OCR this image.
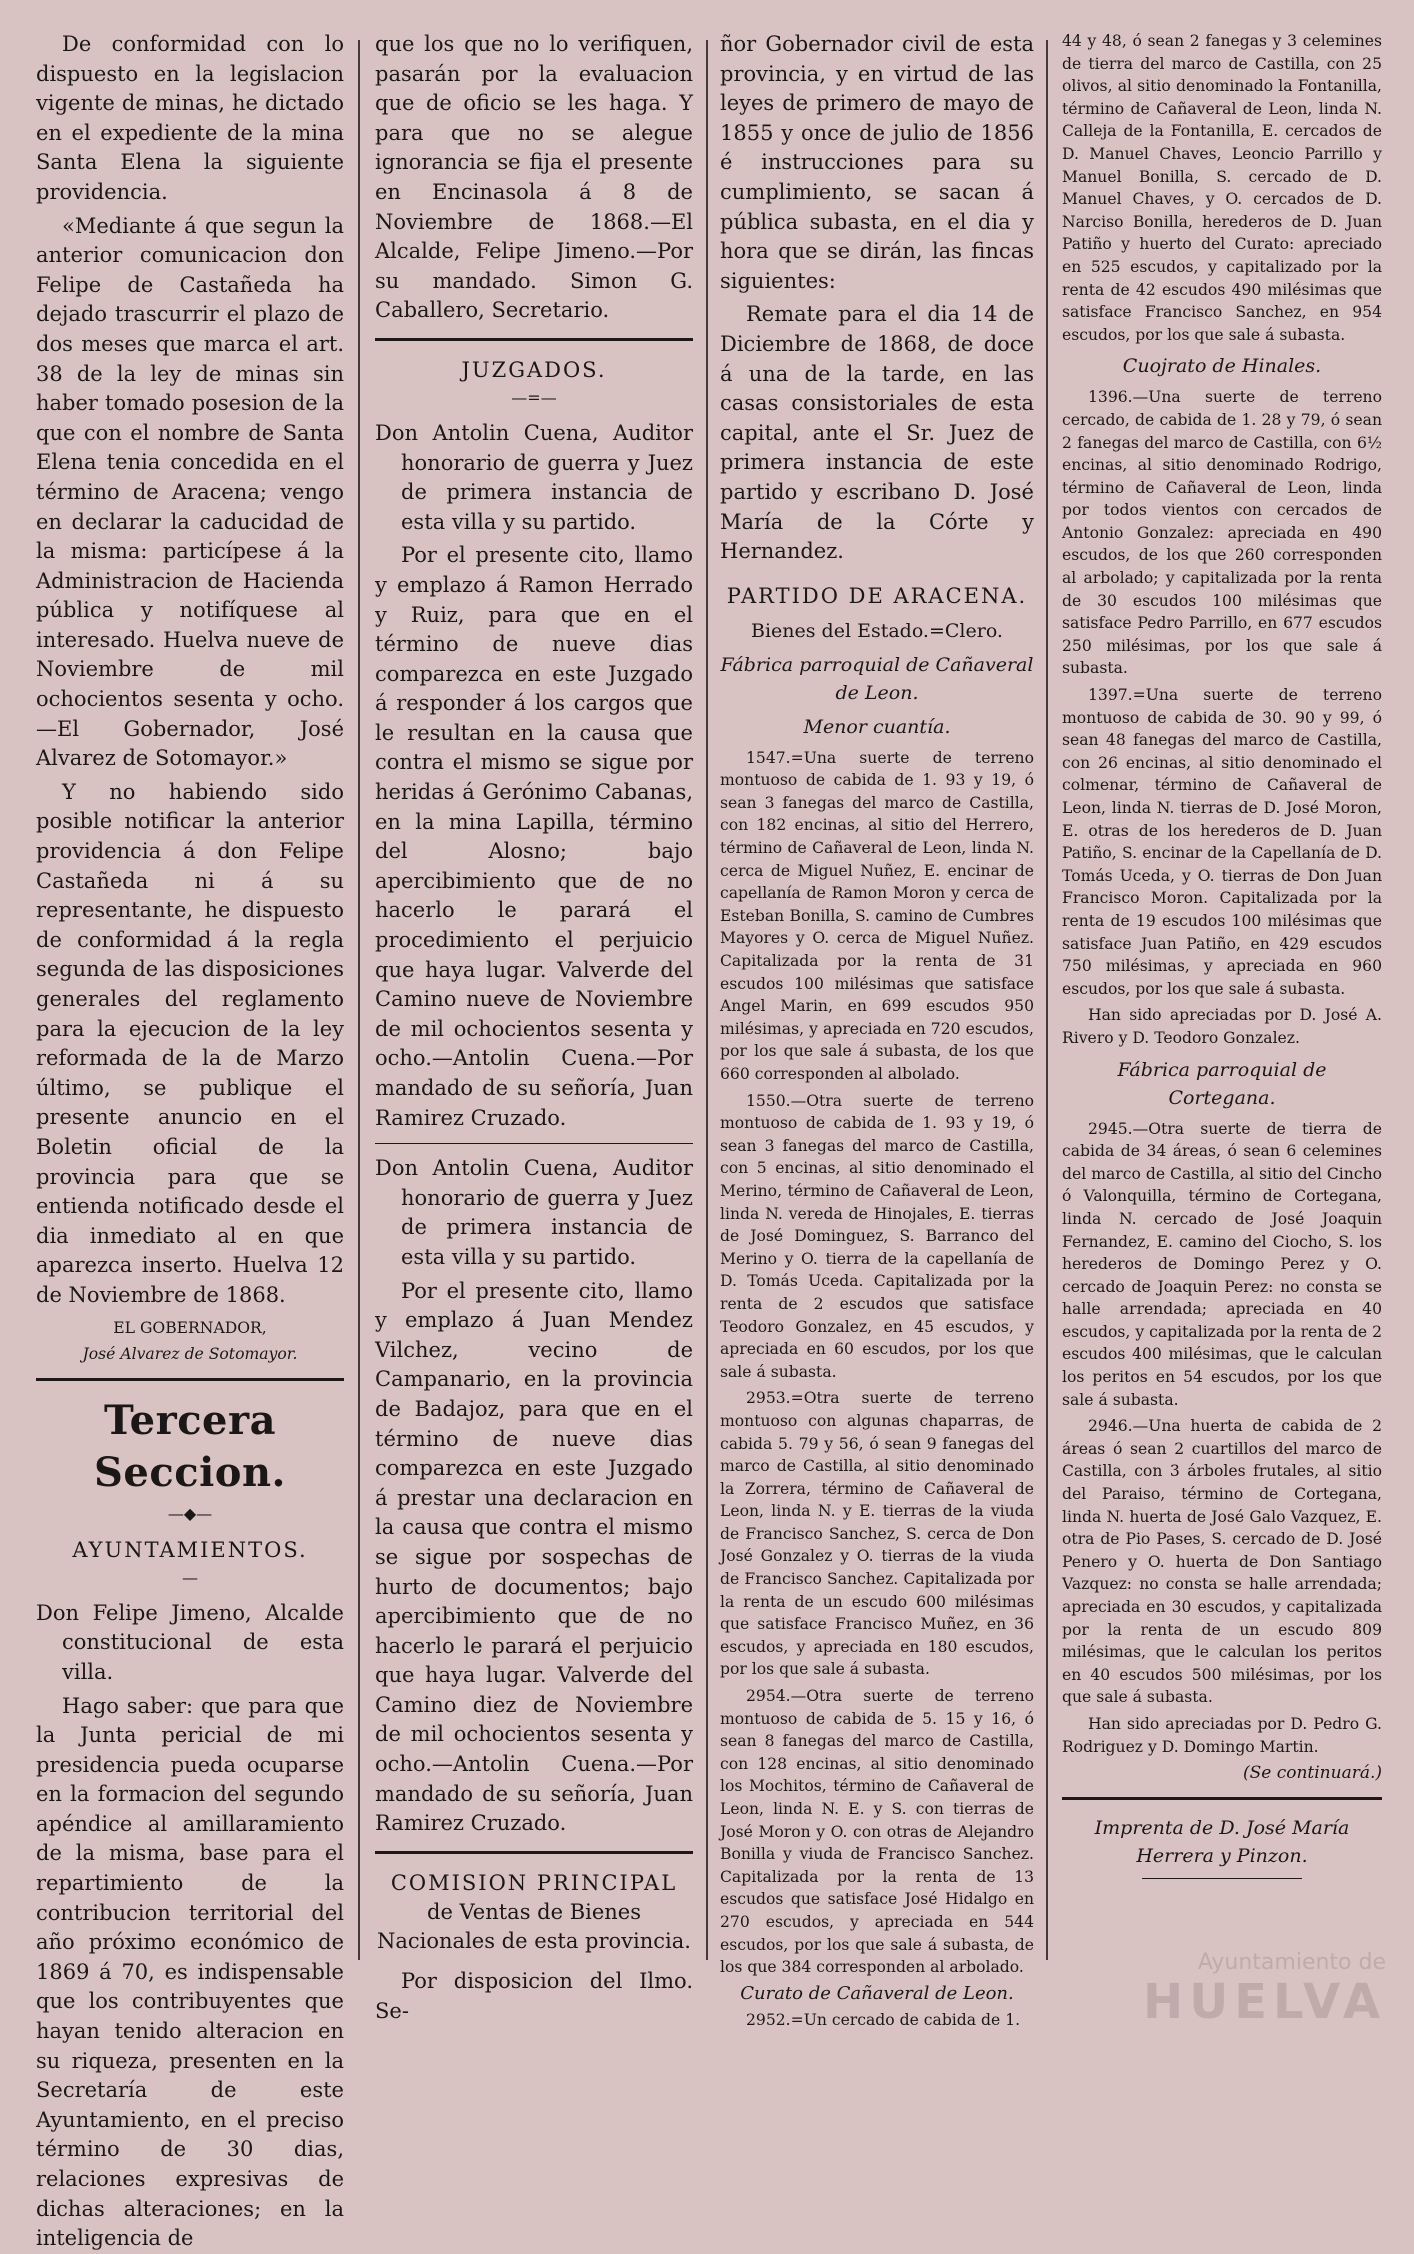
De conformidad con lo dispuesto en la legislacion vigente de minas, he dictado en el expediente de la mina Santa Elena la siguiente providencia.

«Mediante á que segun la anterior comunicacion don Felipe de Castañeda ha dejado trascurrir el plazo de dos meses que marca el art. 38 de la ley de minas sin haber tomado posesion de la que con el nombre de Santa Elena tenia concedida en el término de Aracena; vengo en declarar la caducidad de la misma: particípese á la Administracion de Hacienda pública y notifíquese al interesado. Huelva nueve de Noviembre de mil ochocientos sesenta y ocho.—El Gobernador, José Alvarez de Sotomayor.»

Y no habiendo sido posible notificar la anterior providencia á don Felipe Castañeda ni á su representante, he dispuesto de conformidad á la regla segunda de las disposiciones generales del reglamento para la ejecucion de la ley reformada de la de Marzo último, se publique el presente anuncio en el Boletin oficial de la provincia para que se entienda notificado desde el dia inmediato al en que aparezca inserto. Huelva 12 de Noviembre de 1868.

EL GOBERNADOR,

José Alvarez de Sotomayor.

Tercera Seccion.
—◆—
AYUNTAMIENTOS.
—

Don Felipe Jimeno, Alcalde constitucional de esta villa.

Hago saber: que para que la Junta pericial de mi presidencia pueda ocuparse en la formacion del segundo apéndice al amillaramiento de la misma, base para el repartimiento de la contribucion territorial del año próximo económico de 1869 á 70, es indispensable que los contribuyentes que hayan tenido alteracion en su riqueza, presenten en la Secretaría de este Ayuntamiento, en el preciso término de 30 dias, relaciones expresivas de dichas alteraciones; en la inteligencia de

que los que no lo verifiquen, pasarán por la evaluacion que de oficio se les haga. Y para que no se alegue ignorancia se fija el presente en Encinasola á 8 de Noviembre de 1868.—El Alcalde, Felipe Jimeno.—Por su mandado. Simon G. Caballero, Secretario.

JUZGADOS.
—=—

Don Antolin Cuena, Auditor honorario de guerra y Juez de primera instancia de esta villa y su partido.

Por el presente cito, llamo y emplazo á Ramon Herrado y Ruiz, para que en el término de nueve dias comparezca en este Juzgado á responder á los cargos que le resultan en la causa que contra el mismo se sigue por heridas á Gerónimo Cabanas, en la mina Lapilla, término del Alosno; bajo apercibimiento que de no hacerlo le parará el procedimiento el perjuicio que haya lugar. Valverde del Camino nueve de Noviembre de mil ochocientos sesenta y ocho.—Antolin Cuena.—Por mandado de su señoría, Juan Ramirez Cruzado.

Don Antolin Cuena, Auditor honorario de guerra y Juez de primera instancia de esta villa y su partido.

Por el presente cito, llamo y emplazo á Juan Mendez Vilchez, vecino de Campanario, en la provincia de Badajoz, para que en el término de nueve dias comparezca en este Juzgado á prestar una declaracion en la causa que contra el mismo se sigue por sospechas de hurto de documentos; bajo apercibimiento que de no hacerlo le parará el perjuicio que haya lugar. Valverde del Camino diez de Noviembre de mil ochocientos sesenta y ocho.—Antolin Cuena.—Por mandado de su señoría, Juan Ramirez Cruzado.

COMISION PRINCIPAL

de Ventas de Bienes Nacionales de esta provincia.

Por disposicion del Ilmo. Se-

ñor Gobernador civil de esta provincia, y en virtud de las leyes de primero de mayo de 1855 y once de julio de 1856 é instrucciones para su cumplimiento, se sacan á pública subasta, en el dia y hora que se dirán, las fincas siguientes:

Remate para el dia 14 de Diciembre de 1868, de doce á una de la tarde, en las casas consistoriales de esta capital, ante el Sr. Juez de primera instancia de este partido y escribano D. José María de la Córte y Hernandez.

PARTIDO DE ARACENA.

Bienes del Estado.=Clero.

Fábrica parroquial de Cañaveral de Leon.

Menor cuantía.

1547.=Una suerte de terreno montuoso de cabida de 1. 93 y 19, ó sean 3 fanegas del marco de Castilla, con 182 encinas, al sitio del Herrero, término de Cañaveral de Leon, linda N. cerca de Miguel Nuñez, E. encinar de capellanía de Ramon Moron y cerca de Esteban Bonilla, S. camino de Cumbres Mayores y O. cerca de Miguel Nuñez. Capitalizada por la renta de 31 escudos 100 milésimas que satisface Angel Marin, en 699 escudos 950 milésimas, y apreciada en 720 escudos, por los que sale á subasta, de los que 660 corresponden al albolado.

1550.—Otra suerte de terreno montuoso de cabida de 1. 93 y 19, ó sean 3 fanegas del marco de Castilla, con 5 encinas, al sitio denominado el Merino, término de Cañaveral de Leon, linda N. vereda de Hinojales, E. tierras de José Dominguez, S. Barranco del Merino y O. tierra de la capellanía de D. Tomás Uceda. Capitalizada por la renta de 2 escudos que satisface Teodoro Gonzalez, en 45 escudos, y apreciada en 60 escudos, por los que sale á subasta.

2953.=Otra suerte de terreno montuoso con algunas chaparras, de cabida 5. 79 y 56, ó sean 9 fanegas del marco de Castilla, al sitio denominado la Zorrera, término de Cañaveral de Leon, linda N. y E. tierras de la viuda de Francisco Sanchez, S. cerca de Don José Gonzalez y O. tierras de la viuda de Francisco Sanchez. Capitalizada por la renta de un escudo 600 milésimas que satisface Francisco Muñez, en 36 escudos, y apreciada en 180 escudos, por los que sale á subasta.

2954.—Otra suerte de terreno montuoso de cabida de 5. 15 y 16, ó sean 8 fanegas del marco de Castilla, con 128 encinas, al sitio denominado los Mochitos, término de Cañaveral de Leon, linda N. E. y S. con tierras de José Moron y O. con otras de Alejandro Bonilla y viuda de Francisco Sanchez. Capitalizada por la renta de 13 escudos que satisface José Hidalgo en 270 escudos, y apreciada en 544 escudos, por los que sale á subasta, de los que 384 corresponden al arbolado.

Curato de Cañaveral de Leon.

2952.=Un cercado de cabida de 1.

44 y 48, ó sean 2 fanegas y 3 celemines de tierra del marco de Castilla, con 25 olivos, al sitio denominado la Fontanilla, término de Cañaveral de Leon, linda N. Calleja de la Fontanilla, E. cercados de D. Manuel Chaves, Leoncio Parrillo y Manuel Bonilla, S. cercado de D. Manuel Chaves, y O. cercados de D. Narciso Bonilla, herederos de D. Juan Patiño y huerto del Curato: apreciado en 525 escudos, y capitalizado por la renta de 42 escudos 490 milésimas que satisface Francisco Sanchez, en 954 escudos, por los que sale á subasta.

Cuojrato de Hinales.

1396.—Una suerte de terreno cercado, de cabida de 1. 28 y 79, ó sean 2 fanegas del marco de Castilla, con 6½ encinas, al sitio denominado Rodrigo, término de Cañaveral de Leon, linda por todos vientos con cercados de Antonio Gonzalez: apreciada en 490 escudos, de los que 260 corresponden al arbolado; y capitalizada por la renta de 30 escudos 100 milésimas que satisface Pedro Parrillo, en 677 escudos 250 milésimas, por los que sale á subasta.

1397.=Una suerte de terreno montuoso de cabida de 30. 90 y 99, ó sean 48 fanegas del marco de Castilla, con 26 encinas, al sitio denominado el colmenar, término de Cañaveral de Leon, linda N. tierras de D. José Moron, E. otras de los herederos de D. Juan Patiño, S. encinar de la Capellanía de D. Tomás Uceda, y O. tierras de Don Juan Francisco Moron. Capitalizada por la renta de 19 escudos 100 milésimas que satisface Juan Patiño, en 429 escudos 750 milésimas, y apreciada en 960 escudos, por los que sale á subasta.

Han sido apreciadas por D. José A. Rivero y D. Teodoro Gonzalez.

Fábrica parroquial de Cortegana.

2945.—Otra suerte de tierra de cabida de 34 áreas, ó sean 6 celemines del marco de Castilla, al sitio del Cincho ó Valonquilla, término de Cortegana, linda N. cercado de José Joaquin Fernandez, E. camino del Ciocho, S. los herederos de Domingo Perez y O. cercado de Joaquin Perez: no consta se halle arrendada; apreciada en 40 escudos, y capitalizada por la renta de 2 escudos 400 milésimas, que le calculan los peritos en 54 escudos, por los que sale á subasta.

2946.—Una huerta de cabida de 2 áreas ó sean 2 cuartillos del marco de Castilla, con 3 árboles frutales, al sitio del Paraiso, término de Cortegana, linda N. huerta de José Galo Vazquez, E. otra de Pio Pases, S. cercado de D. José Penero y O. huerta de Don Santiago Vazquez: no consta se halle arrendada; apreciada en 30 escudos, y capitalizada por la renta de un escudo 809 milésimas, que le calculan los peritos en 40 escudos 500 milésimas, por los que sale á subasta.

Han sido apreciadas por D. Pedro G. Rodriguez y D. Domingo Martin.

(Se continuará.)

Imprenta de D. José María

Herrera y Pinzon.

Ayuntamiento de
HUELVA
